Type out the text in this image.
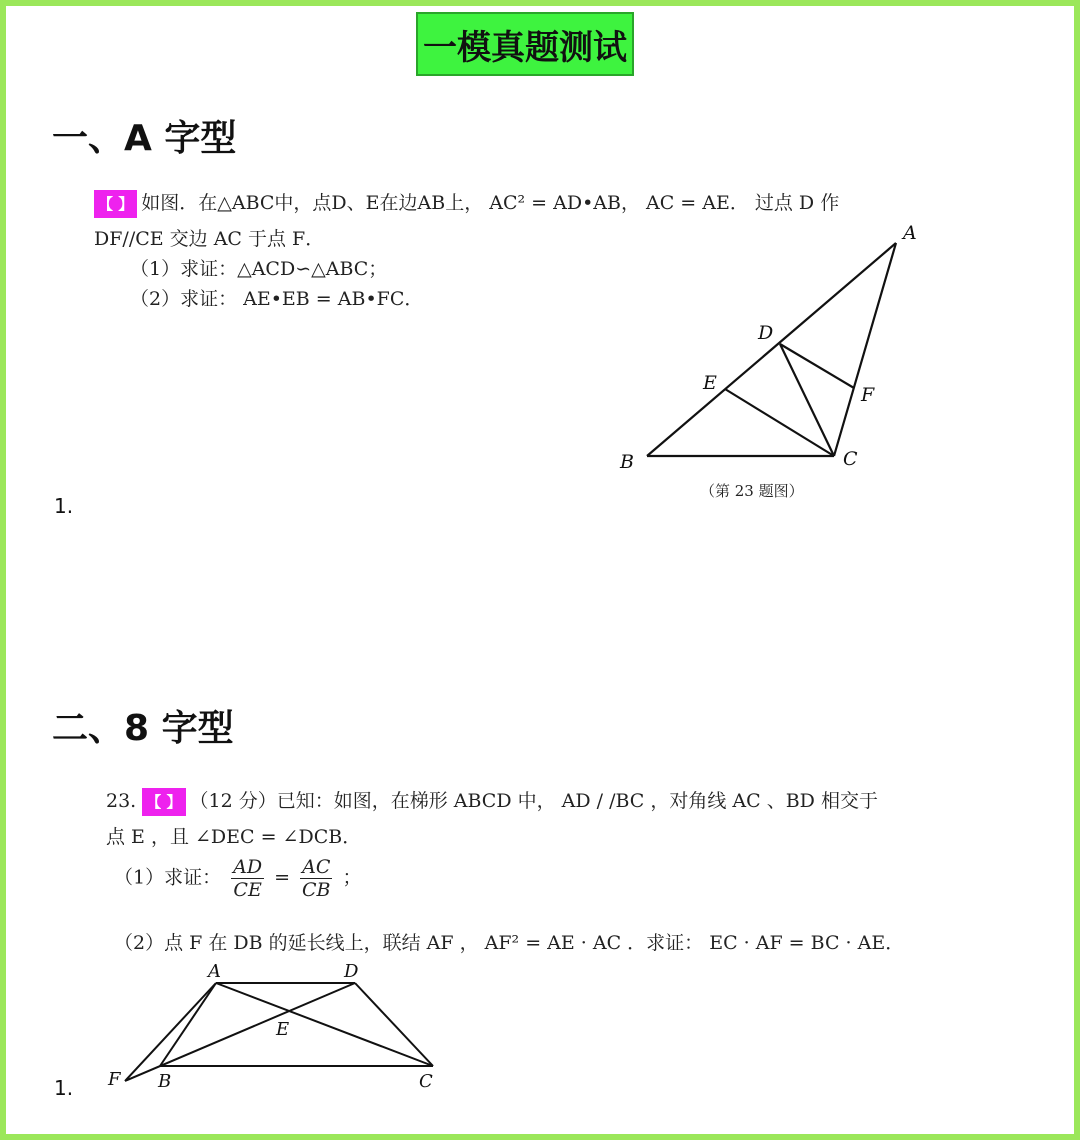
一模真题测试
一、A 字型
【 】 如图．在△ABC中，点D、E在边AB上， AC² = AD•AB， AC = AE． 过点 D 作
DF//CE 交边 AC 于点 F．
（1）求证：△ACD∽△ABC；
（2）求证： AE•EB = AB•FC．
A
B	C
D
E
F
（第 23 题图）
1.
二、8 字型
23. 【 】 （12 分）已知：如图，在梯形 ABCD 中， AD / /BC ，对角线 AC 、BD 相交于
点 E ，且 ∠DEC = ∠DCB．
（1）求证： $\frac{AD}{CE} = \frac{AC}{CB}$ ；
（2）点 F 在 DB 的延长线上，联结 AF ， AF² = AE · AC ．求证： EC · AF = BC · AE．
A	D
E
F B	C
1.
